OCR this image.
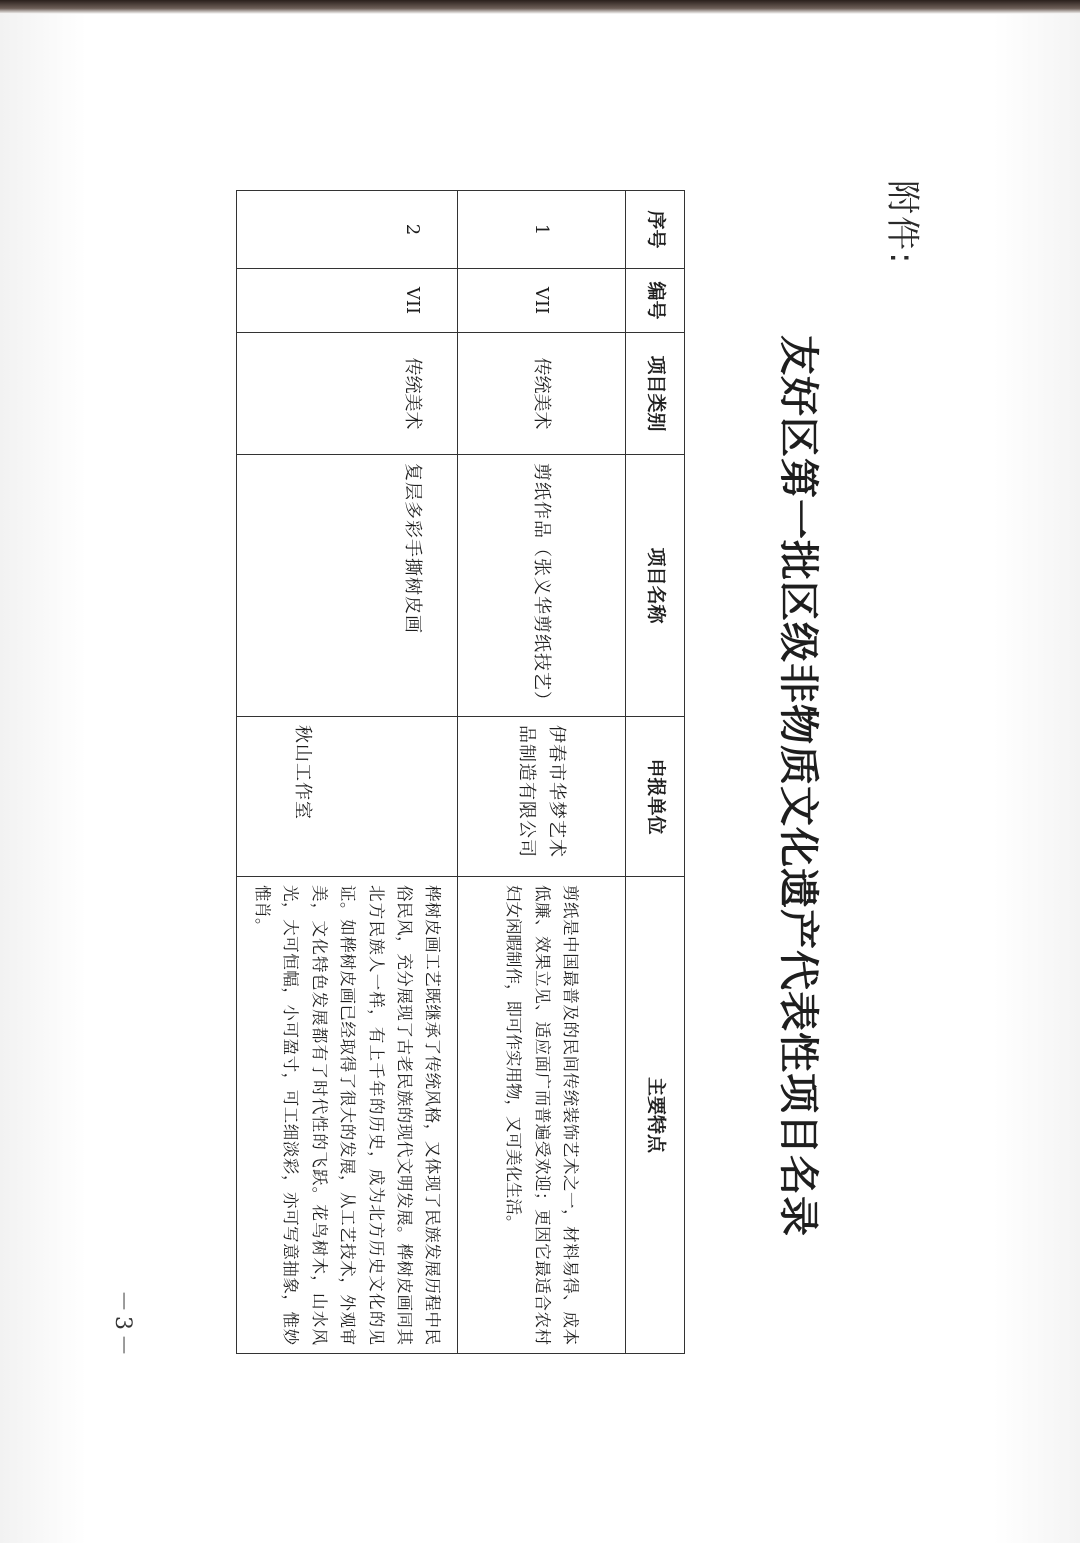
附件:
友好区第一批区级非物质文化遗产代表性项目名录
序号	编号	项目类别	项目名称	申报单位	主要特点
1	VII	传统美术	剪纸作品（张义华剪纸技艺）	伊春市华梦艺术品制造有限公司	剪纸是中国最普及的民间传统装饰艺术之一，材料易得、成本低廉、效果立见、适应面广而普遍受欢迎；更因它最适合农村妇女闲暇制作，即可作实用物，又可美化生活。

2	VII	传统美术	复层多彩手撕树皮画	秋山工作室	桦树皮画工艺既继承了传统风格，又体现了民族发展历程中民俗民风，充分展现了古老民族的现代文明发展。桦树皮画同其北方民族人一样，有上千年的历史，成为北方历史文化的见证。如桦树皮画已经取得了很大的发展，从工艺技术，外观审美，文化特色发展都有了时代性的飞跃。花鸟树木，山水风光，大可恒幅，小可盈寸，可工细淡彩，亦可写意抽象，惟妙惟肖。
－3－
